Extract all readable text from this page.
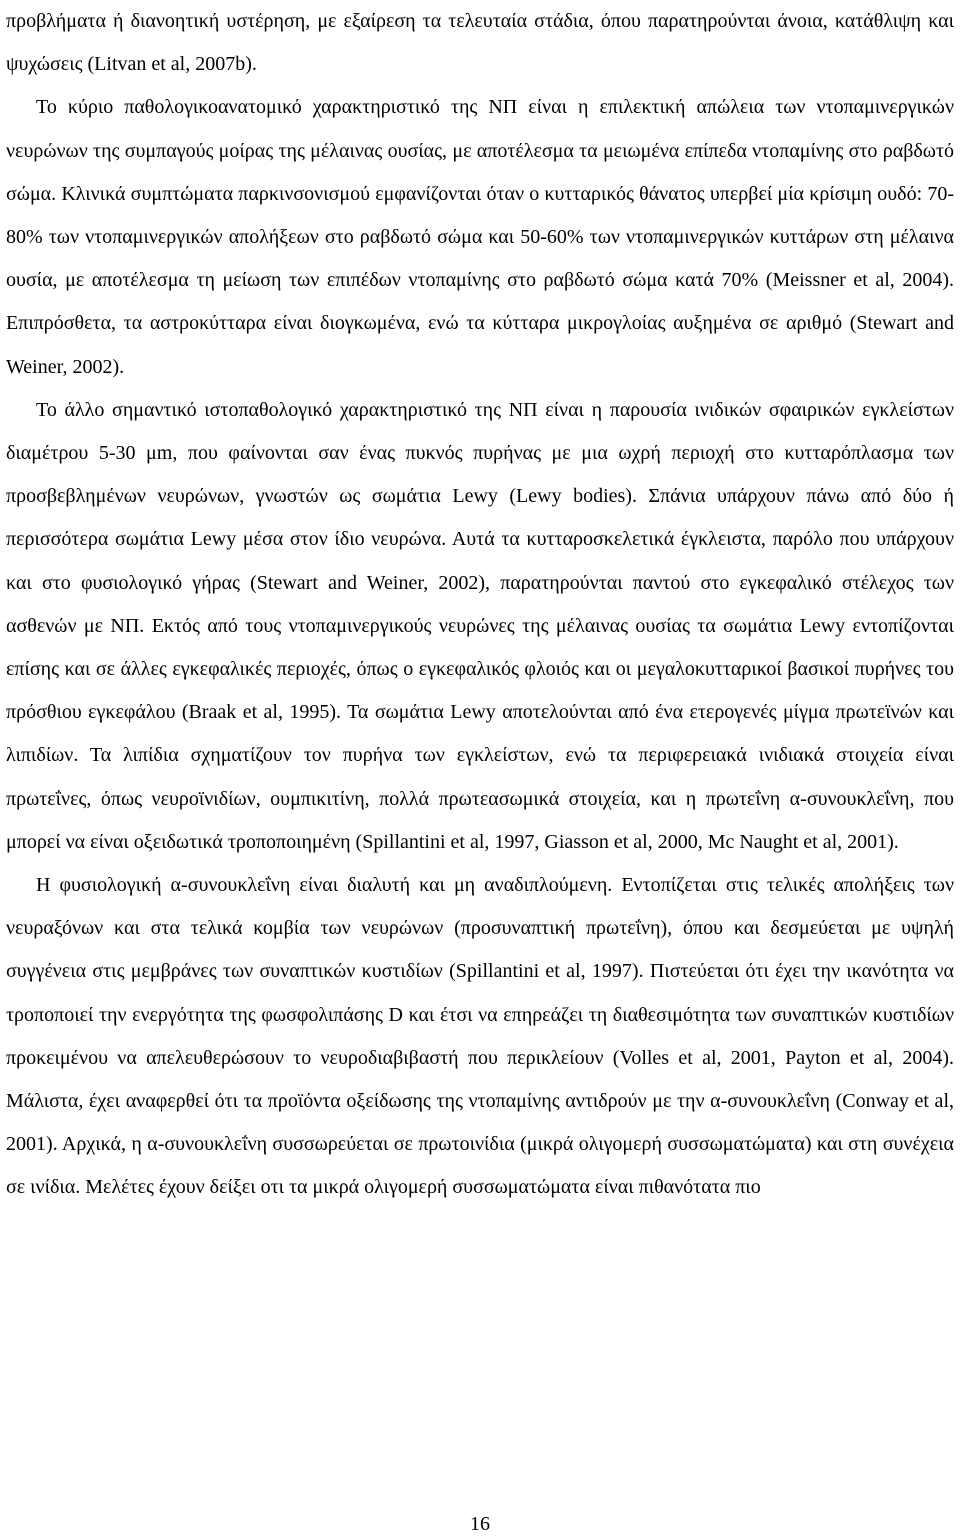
προβλήματα ή διανοητική υστέρηση, με εξαίρεση τα τελευταία στάδια, όπου παρατηρούνται άνοια, κατάθλιψη και ψυχώσεις (Litvan et al, 2007b).

Το κύριο παθολογικοανατομικό χαρακτηριστικό της ΝΠ είναι η επιλεκτική απώλεια των ντοπαμινεργικών νευρώνων της συμπαγούς μοίρας της μέλαινας ουσίας, με αποτέλεσμα τα μειωμένα επίπεδα ντοπαμίνης στο ραβδωτό σώμα. Κλινικά συμπτώματα παρκινσονισμού εμφανίζονται όταν ο κυτταρικός θάνατος υπερβεί μία κρίσιμη ουδό: 70-80% των ντοπαμινεργικών απολήξεων στο ραβδωτό σώμα και 50-60% των ντοπαμινεργικών κυττάρων στη μέλαινα ουσία, με αποτέλεσμα τη μείωση των επιπέδων ντοπαμίνης στο ραβδωτό σώμα κατά 70% (Meissner et al, 2004). Επιπρόσθετα, τα αστροκύτταρα είναι διογκωμένα, ενώ τα κύτταρα μικρογλοίας αυξημένα σε αριθμό (Stewart and Weiner, 2002).

Το άλλο σημαντικό ιστοπαθολογικό χαρακτηριστικό της ΝΠ είναι η παρουσία ινιδικών σφαιρικών εγκλείστων διαμέτρου 5-30 μm, που φαίνονται σαν ένας πυκνός πυρήνας με μια ωχρή περιοχή στο κυτταρόπλασμα των προσβεβλημένων νευρώνων, γνωστών ως σωμάτια Lewy (Lewy bodies). Σπάνια υπάρχουν πάνω από δύο ή περισσότερα σωμάτια Lewy μέσα στον ίδιο νευρώνα. Αυτά τα κυτταροσκελετικά έγκλειστα, παρόλο που υπάρχουν και στο φυσιολογικό γήρας (Stewart and Weiner, 2002), παρατηρούνται παντού στο εγκεφαλικό στέλεχος των ασθενών με ΝΠ. Εκτός από τους ντοπαμινεργικούς νευρώνες της μέλαινας ουσίας τα σωμάτια Lewy εντοπίζονται επίσης και σε άλλες εγκεφαλικές περιοχές, όπως ο εγκεφαλικός φλοιός και οι μεγαλοκυτταρικοί βασικοί πυρήνες του πρόσθιου εγκεφάλου (Braak et al, 1995). Τα σωμάτια Lewy αποτελούνται από ένα ετερογενές μίγμα πρωτεϊνών και λιπιδίων. Τα λιπίδια σχηματίζουν τον πυρήνα των εγκλείστων, ενώ τα περιφερειακά ινιδιακά στοιχεία είναι πρωτεΐνες, όπως νευροϊνιδίων, ουμπικιτίνη, πολλά πρωτεασωμικά στοιχεία, και η πρωτεΐνη α-συνουκλεΐνη, που μπορεί να είναι οξειδωτικά τροποποιημένη (Spillantini et al, 1997, Giasson et al, 2000, Mc Naught et al, 2001).

Η φυσιολογική α-συνουκλεΐνη είναι διαλυτή και μη αναδιπλούμενη. Εντοπίζεται στις τελικές απολήξεις των νευραξόνων και στα τελικά κομβία των νευρώνων (προσυναπτική πρωτεΐνη), όπου και δεσμεύεται με υψηλή συγγένεια στις μεμβράνες των συναπτικών κυστιδίων (Spillantini et al, 1997). Πιστεύεται ότι έχει την ικανότητα να τροποποιεί την ενεργότητα της φωσφολιπάσης D και έτσι να επηρεάζει τη διαθεσιμότητα των συναπτικών κυστιδίων προκειμένου να απελευθερώσουν το νευροδιαβιβαστή που περικλείουν (Volles et al, 2001, Payton et al, 2004). Μάλιστα, έχει αναφερθεί ότι τα προϊόντα οξείδωσης της ντοπαμίνης αντιδρούν με την α-συνουκλεΐνη (Conway et al, 2001). Αρχικά, η α-συνουκλεΐνη συσσωρεύεται σε πρωτοινίδια (μικρά ολιγομερή συσσωματώματα) και στη συνέχεια σε ινίδια. Μελέτες έχουν δείξει οτι τα μικρά ολιγομερή συσσωματώματα είναι πιθανότατα πιο

16
